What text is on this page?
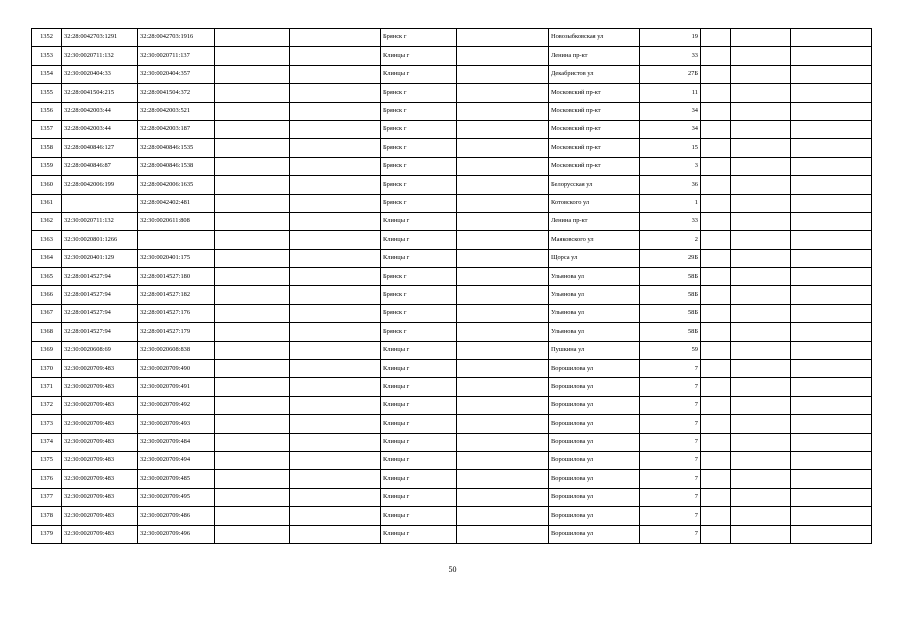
1352	32:28:0042703:1291	32:28:0042703:1916			Брянск г		Новозыбковская ул	19			
1353	32:30:0020711:132	32:30:0020711:137			Клинцы г		Ленина пр-кт	33			
1354	32:30:0020404:33	32:30:0020404:357			Клинцы г		Декабристов ул	27Б			
1355	32:28:0041504:215	32:28:0041504:372			Брянск г		Московский пр-кт	11			
1356	32:28:0042003:44	32:28:0042003:521			Брянск г		Московский пр-кт	34			
1357	32:28:0042003:44	32:28:0042003:187			Брянск г		Московский пр-кт	34			
1358	32:28:0040846:127	32:28:0040846:1535			Брянск г		Московский пр-кт	15			
1359	32:28:0040846:87	32:28:0040846:1538			Брянск г		Московский пр-кт	3			
1360	32:28:0042006:199	32:28:0042006:1635			Брянск г		Белорусская ул	36			
1361		32:28:0042402:481			Брянск г		Котовского ул	1			
1362	32:30:0020711:132	32:30:0020611:808			Клинцы г		Ленина пр-кт	33			
1363	32:30:0020801:1266				Клинцы г		Маяковского ул	2			
1364	32:30:0020401:129	32:30:0020401:175			Клинцы г		Щорса ул	29Б			
1365	32:28:0014527:94	32:28:0014527:180			Брянск г		Ульянова ул	58Б			
1366	32:28:0014527:94	32:28:0014527:182			Брянск г		Ульянова ул	58Б			
1367	32:28:0014527:94	32:28:0014527:176			Брянск г		Ульянова ул	58Б			
1368	32:28:0014527:94	32:28:0014527:179			Брянск г		Ульянова ул	58Б			
1369	32:30:0020608:69	32:30:0020608:838			Клинцы г		Пушкина ул	59			
1370	32:30:0020709:483	32:30:0020709:490			Клинцы г		Ворошилова ул	7			
1371	32:30:0020709:483	32:30:0020709:491			Клинцы г		Ворошилова ул	7			
1372	32:30:0020709:483	32:30:0020709:492			Клинцы г		Ворошилова ул	7			
1373	32:30:0020709:483	32:30:0020709:493			Клинцы г		Ворошилова ул	7			
1374	32:30:0020709:483	32:30:0020709:484			Клинцы г		Ворошилова ул	7			
1375	32:30:0020709:483	32:30:0020709:494			Клинцы г		Ворошилова ул	7			
1376	32:30:0020709:483	32:30:0020709:485			Клинцы г		Ворошилова ул	7			
1377	32:30:0020709:483	32:30:0020709:495			Клинцы г		Ворошилова ул	7			
1378	32:30:0020709:483	32:30:0020709:486			Клинцы г		Ворошилова ул	7			
1379	32:30:0020709:483	32:30:0020709:496			Клинцы г		Ворошилова ул	7			
50
